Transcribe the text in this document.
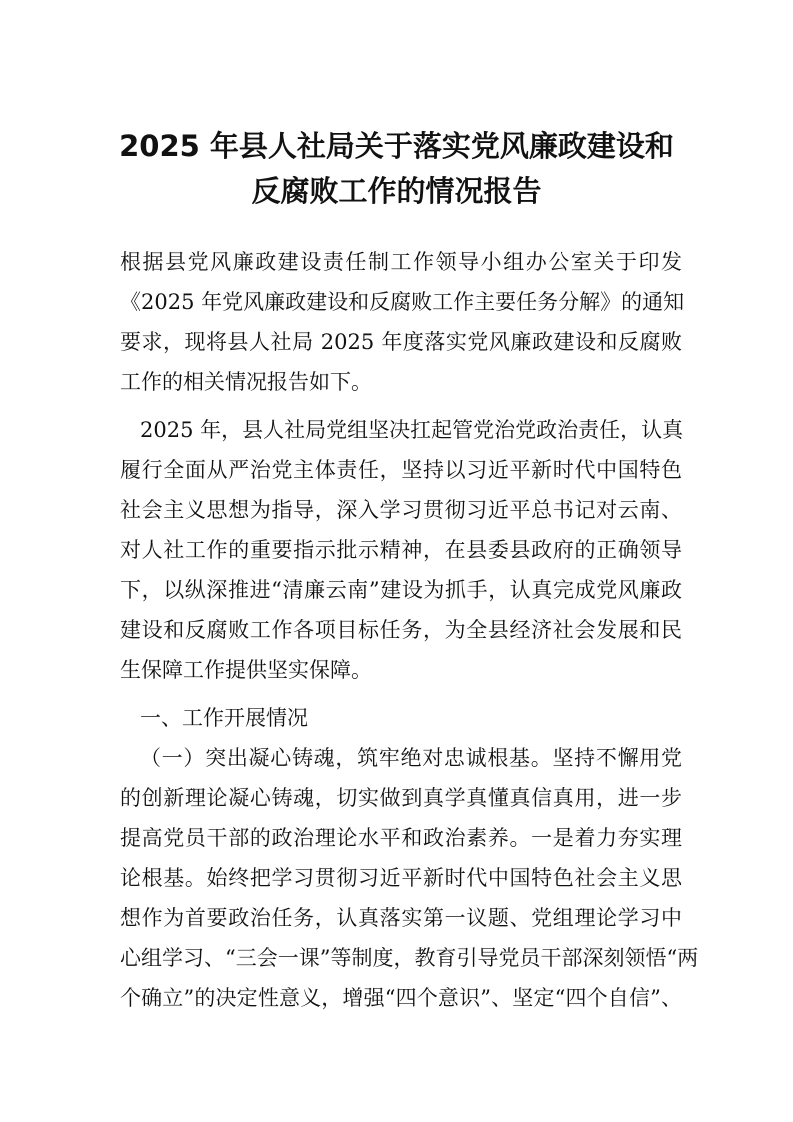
2025 年县人社局关于落实党风廉政建设和
反腐败工作的情况报告
根据县党风廉政建设责任制工作领导小组办公室关于印发
《2025 年党风廉政建设和反腐败工作主要任务分解》的通知
要求，现将县人社局 2025 年度落实党风廉政建设和反腐败
工作的相关情况报告如下。
2025 年，县人社局党组坚决扛起管党治党政治责任，认真
履行全面从严治党主体责任，坚持以习近平新时代中国特色
社会主义思想为指导，深入学习贯彻习近平总书记对云南、
对人社工作的重要指示批示精神，在县委县政府的正确领导
下，以纵深推进“清廉云南”建设为抓手，认真完成党风廉政
建设和反腐败工作各项目标任务，为全县经济社会发展和民
生保障工作提供坚实保障。
一、工作开展情况
（一）突出凝心铸魂，筑牢绝对忠诚根基。坚持不懈用党
的创新理论凝心铸魂，切实做到真学真懂真信真用，进一步
提高党员干部的政治理论水平和政治素养。一是着力夯实理
论根基。始终把学习贯彻习近平新时代中国特色社会主义思
想作为首要政治任务，认真落实第一议题、党组理论学习中
心组学习、“三会一课”等制度，教育引导党员干部深刻领悟“两
个确立”的决定性意义，增强“四个意识”、坚定“四个自信”、
